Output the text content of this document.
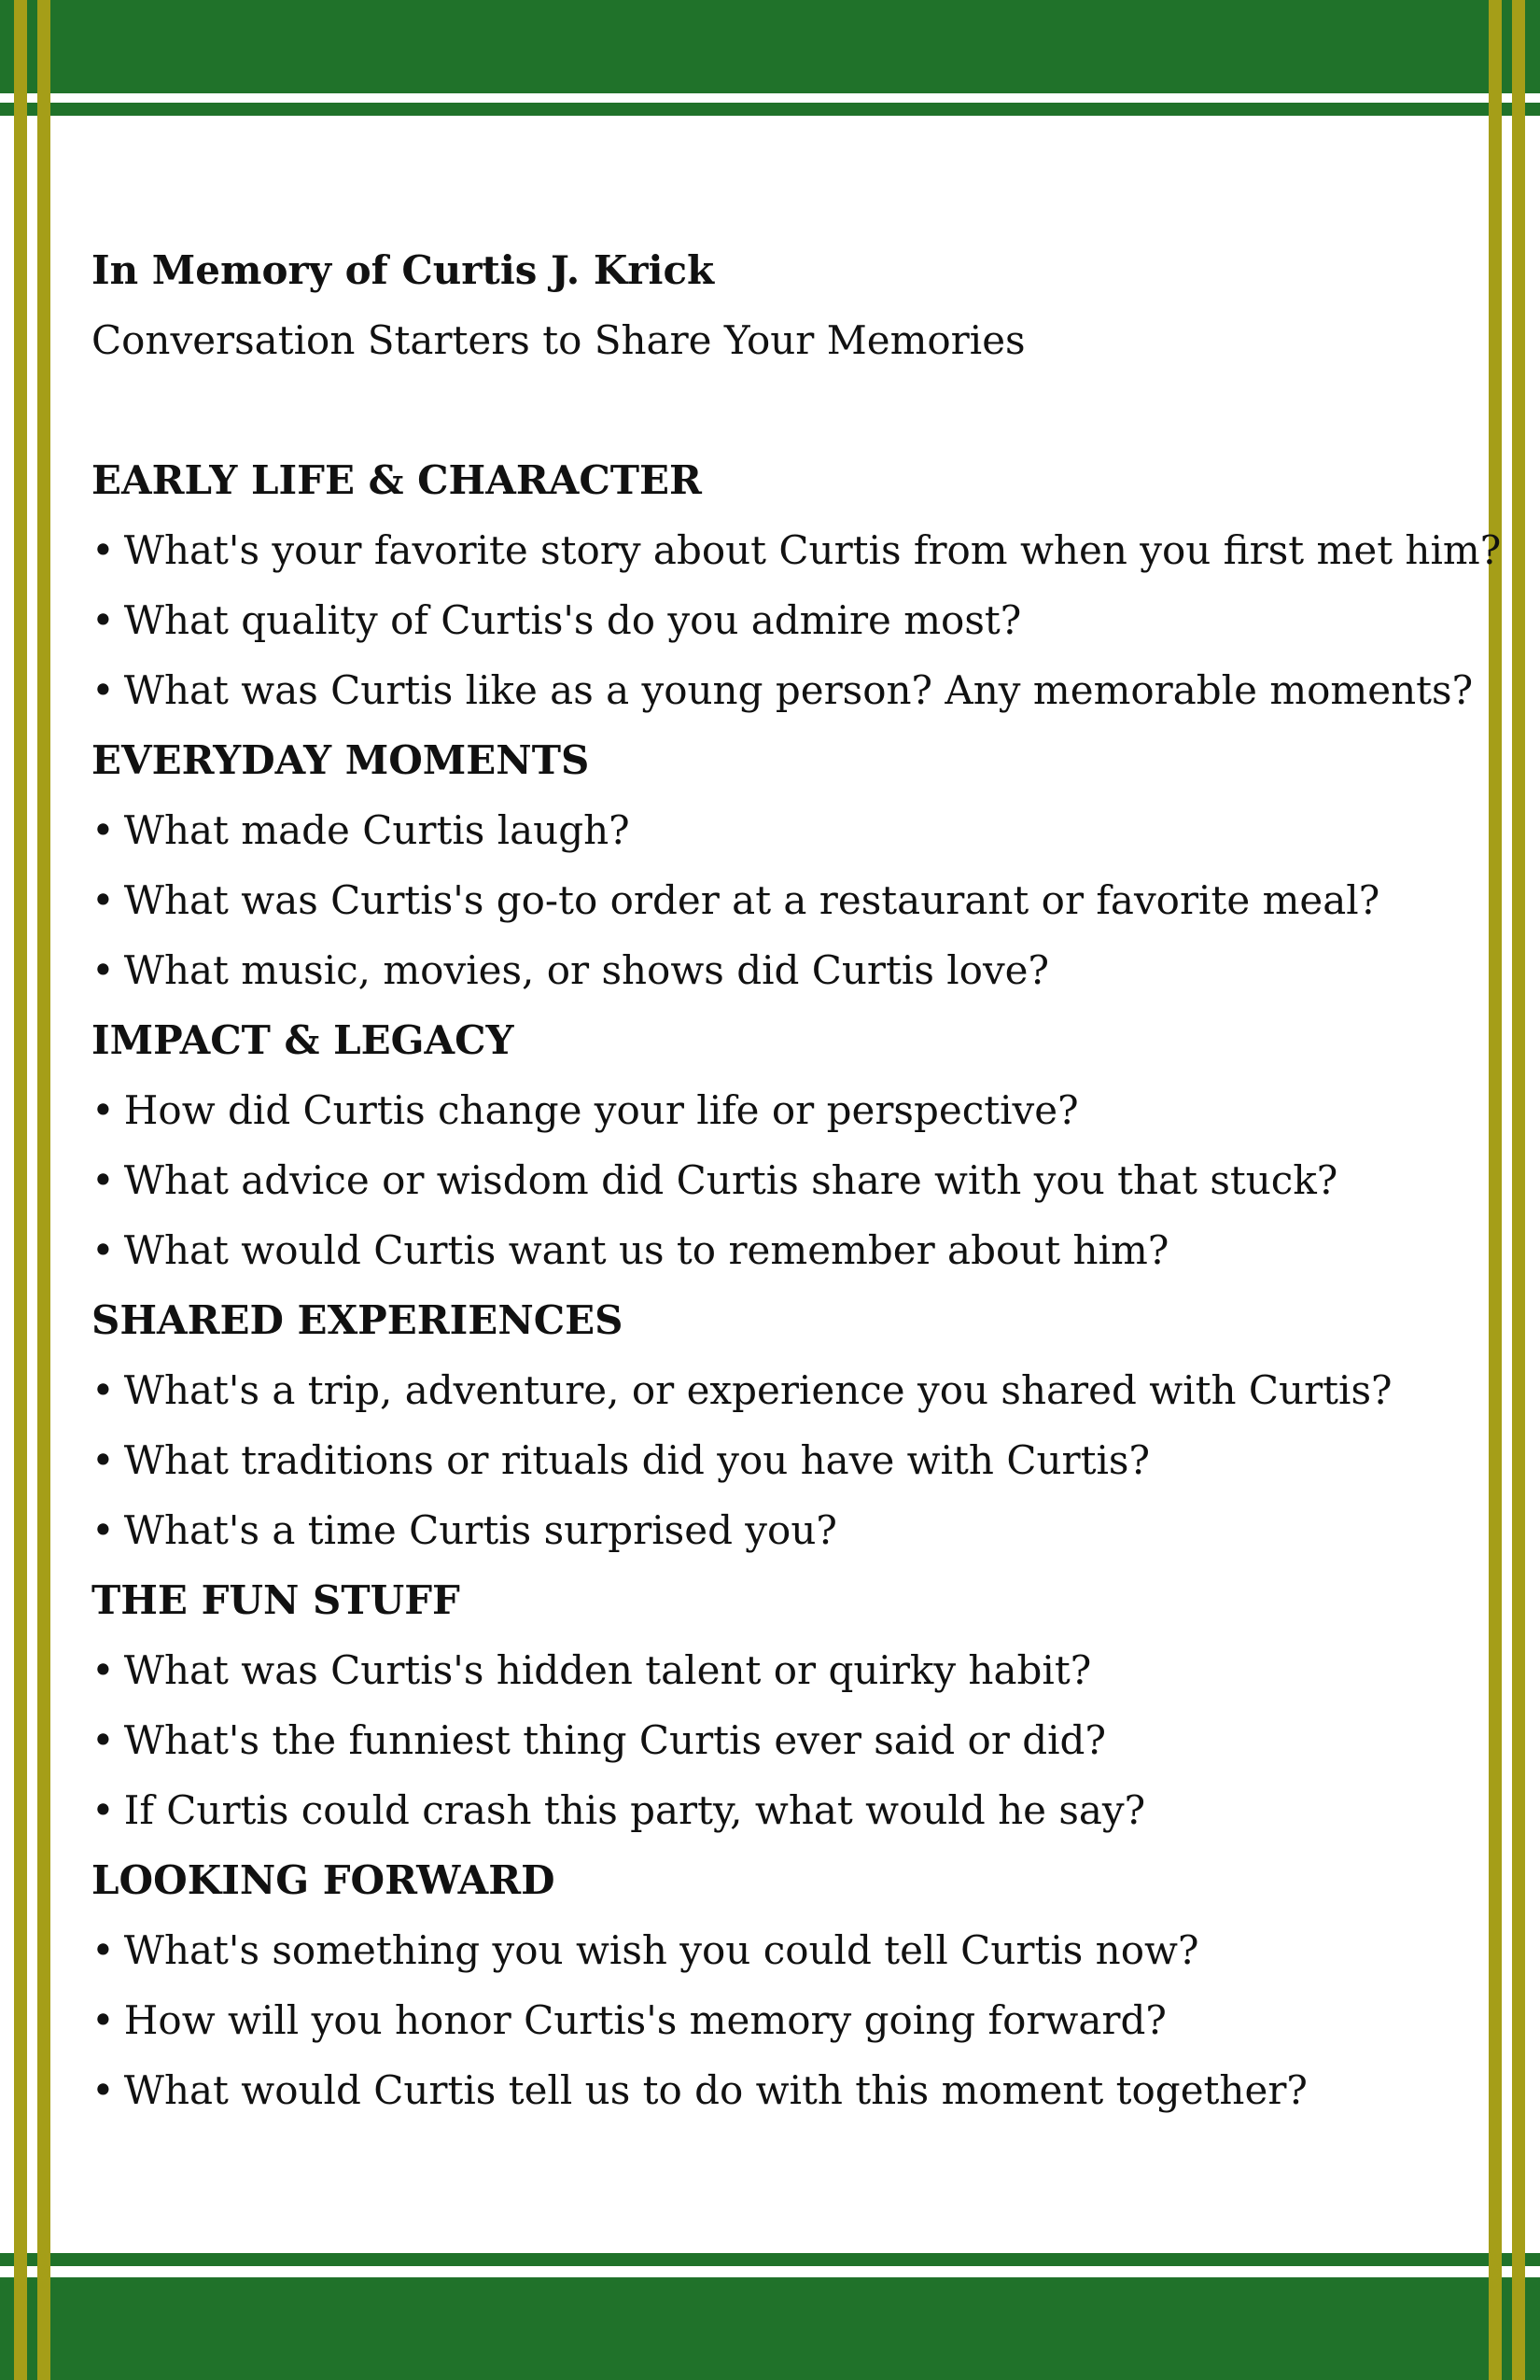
In Memory of Curtis J. Krick
Conversation Starters to Share Your Memories
EARLY LIFE & CHARACTER
• What's your favorite story about Curtis from when you first met him?
• What quality of Curtis's do you admire most?
• What was Curtis like as a young person? Any memorable moments?
EVERYDAY MOMENTS
• What made Curtis laugh?
• What was Curtis's go-to order at a restaurant or favorite meal?
• What music, movies, or shows did Curtis love?
IMPACT & LEGACY
• How did Curtis change your life or perspective?
• What advice or wisdom did Curtis share with you that stuck?
• What would Curtis want us to remember about him?
SHARED EXPERIENCES
• What's a trip, adventure, or experience you shared with Curtis?
• What traditions or rituals did you have with Curtis?
• What's a time Curtis surprised you?
THE FUN STUFF
• What was Curtis's hidden talent or quirky habit?
• What's the funniest thing Curtis ever said or did?
• If Curtis could crash this party, what would he say?
LOOKING FORWARD
• What's something you wish you could tell Curtis now?
• How will you honor Curtis's memory going forward?
• What would Curtis tell us to do with this moment together?
